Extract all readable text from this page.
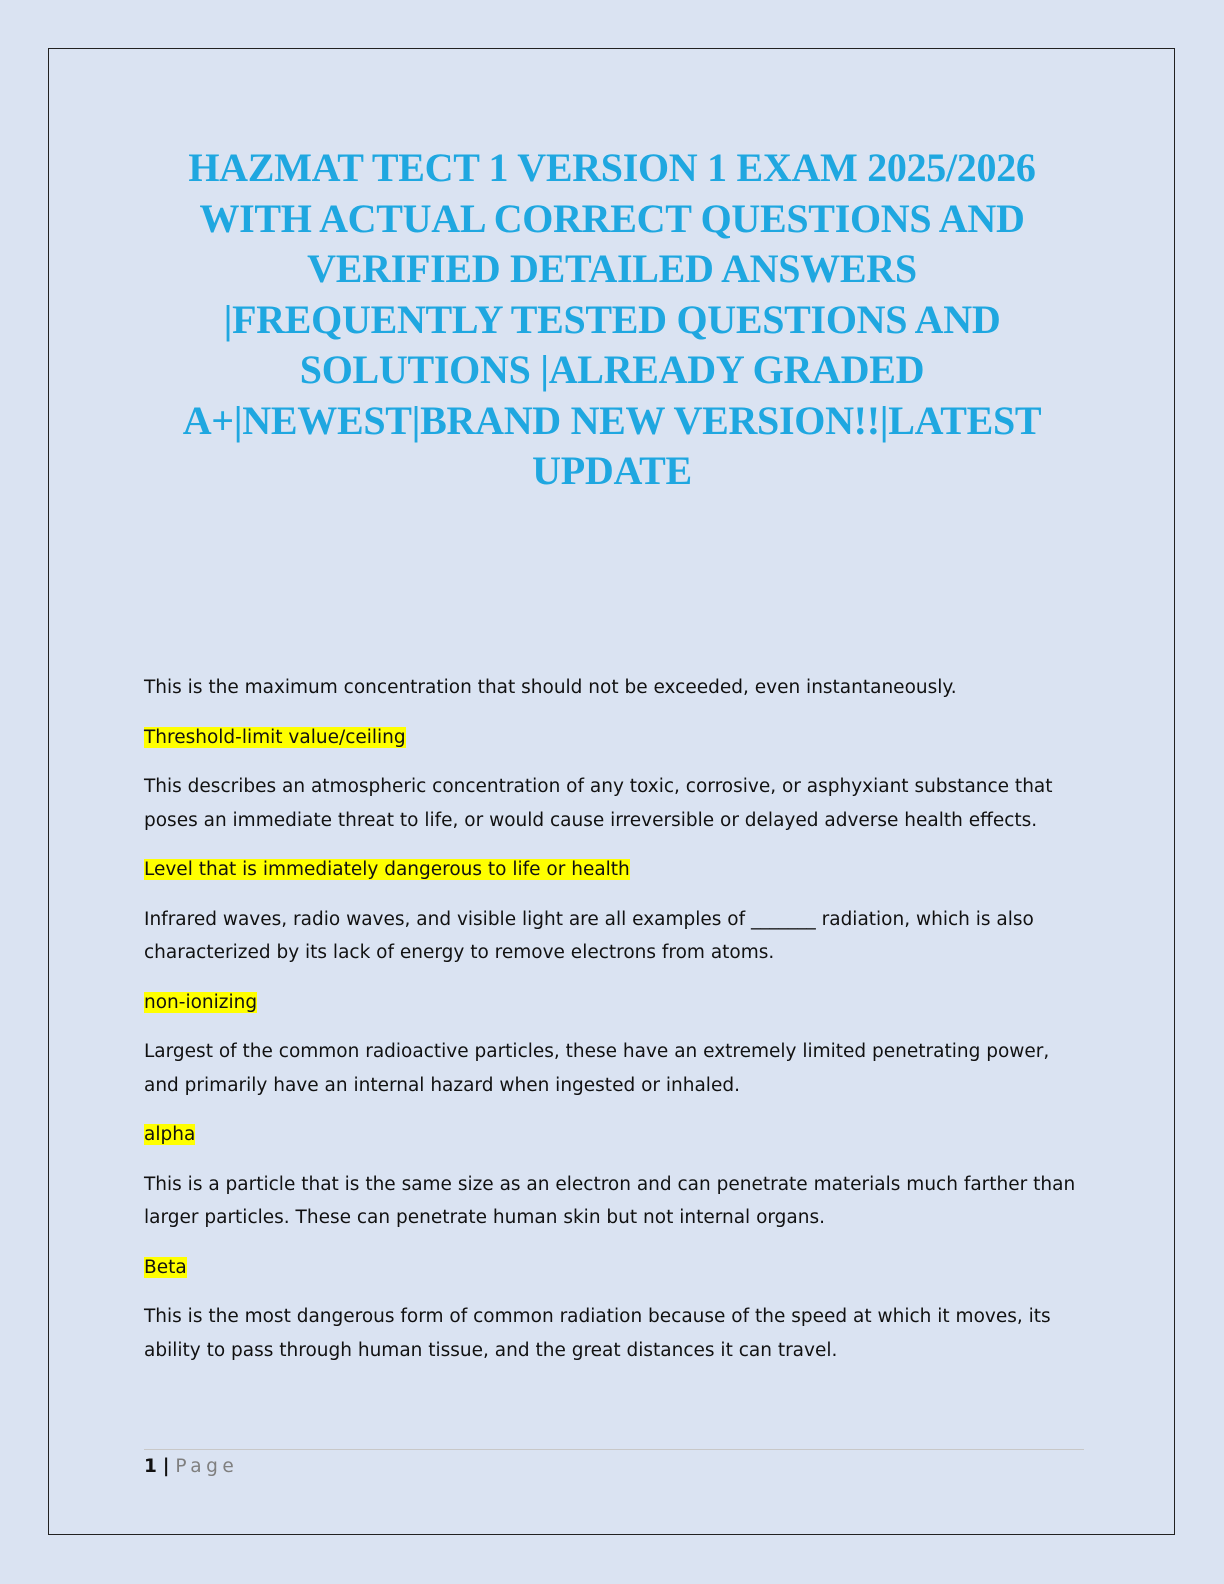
HAZMAT TECT 1 VERSION 1 EXAM 2025/2026
WITH ACTUAL CORRECT QUESTIONS AND
VERIFIED DETAILED ANSWERS
|FREQUENTLY TESTED QUESTIONS AND
SOLUTIONS |ALREADY GRADED
A+|NEWEST|BRAND NEW VERSION!!|LATEST
UPDATE

This is the maximum concentration that should not be exceeded, even instantaneously.

Threshold-limit value/ceiling

This describes an atmospheric concentration of any toxic, corrosive, or asphyxiant substance that poses an immediate threat to life, or would cause irreversible or delayed adverse health effects.

Level that is immediately dangerous to life or health

Infrared waves, radio waves, and visible light are all examples of _______ radiation, which is also characterized by its lack of energy to remove electrons from atoms.

non-ionizing

Largest of the common radioactive particles, these have an extremely limited penetrating power, and primarily have an internal hazard when ingested or inhaled.

alpha

This is a particle that is the same size as an electron and can penetrate materials much farther than larger particles. These can penetrate human skin but not internal organs.

Beta

This is the most dangerous form of common radiation because of the speed at which it moves, its ability to pass through human tissue, and the great distances it can travel.

1 | Page
